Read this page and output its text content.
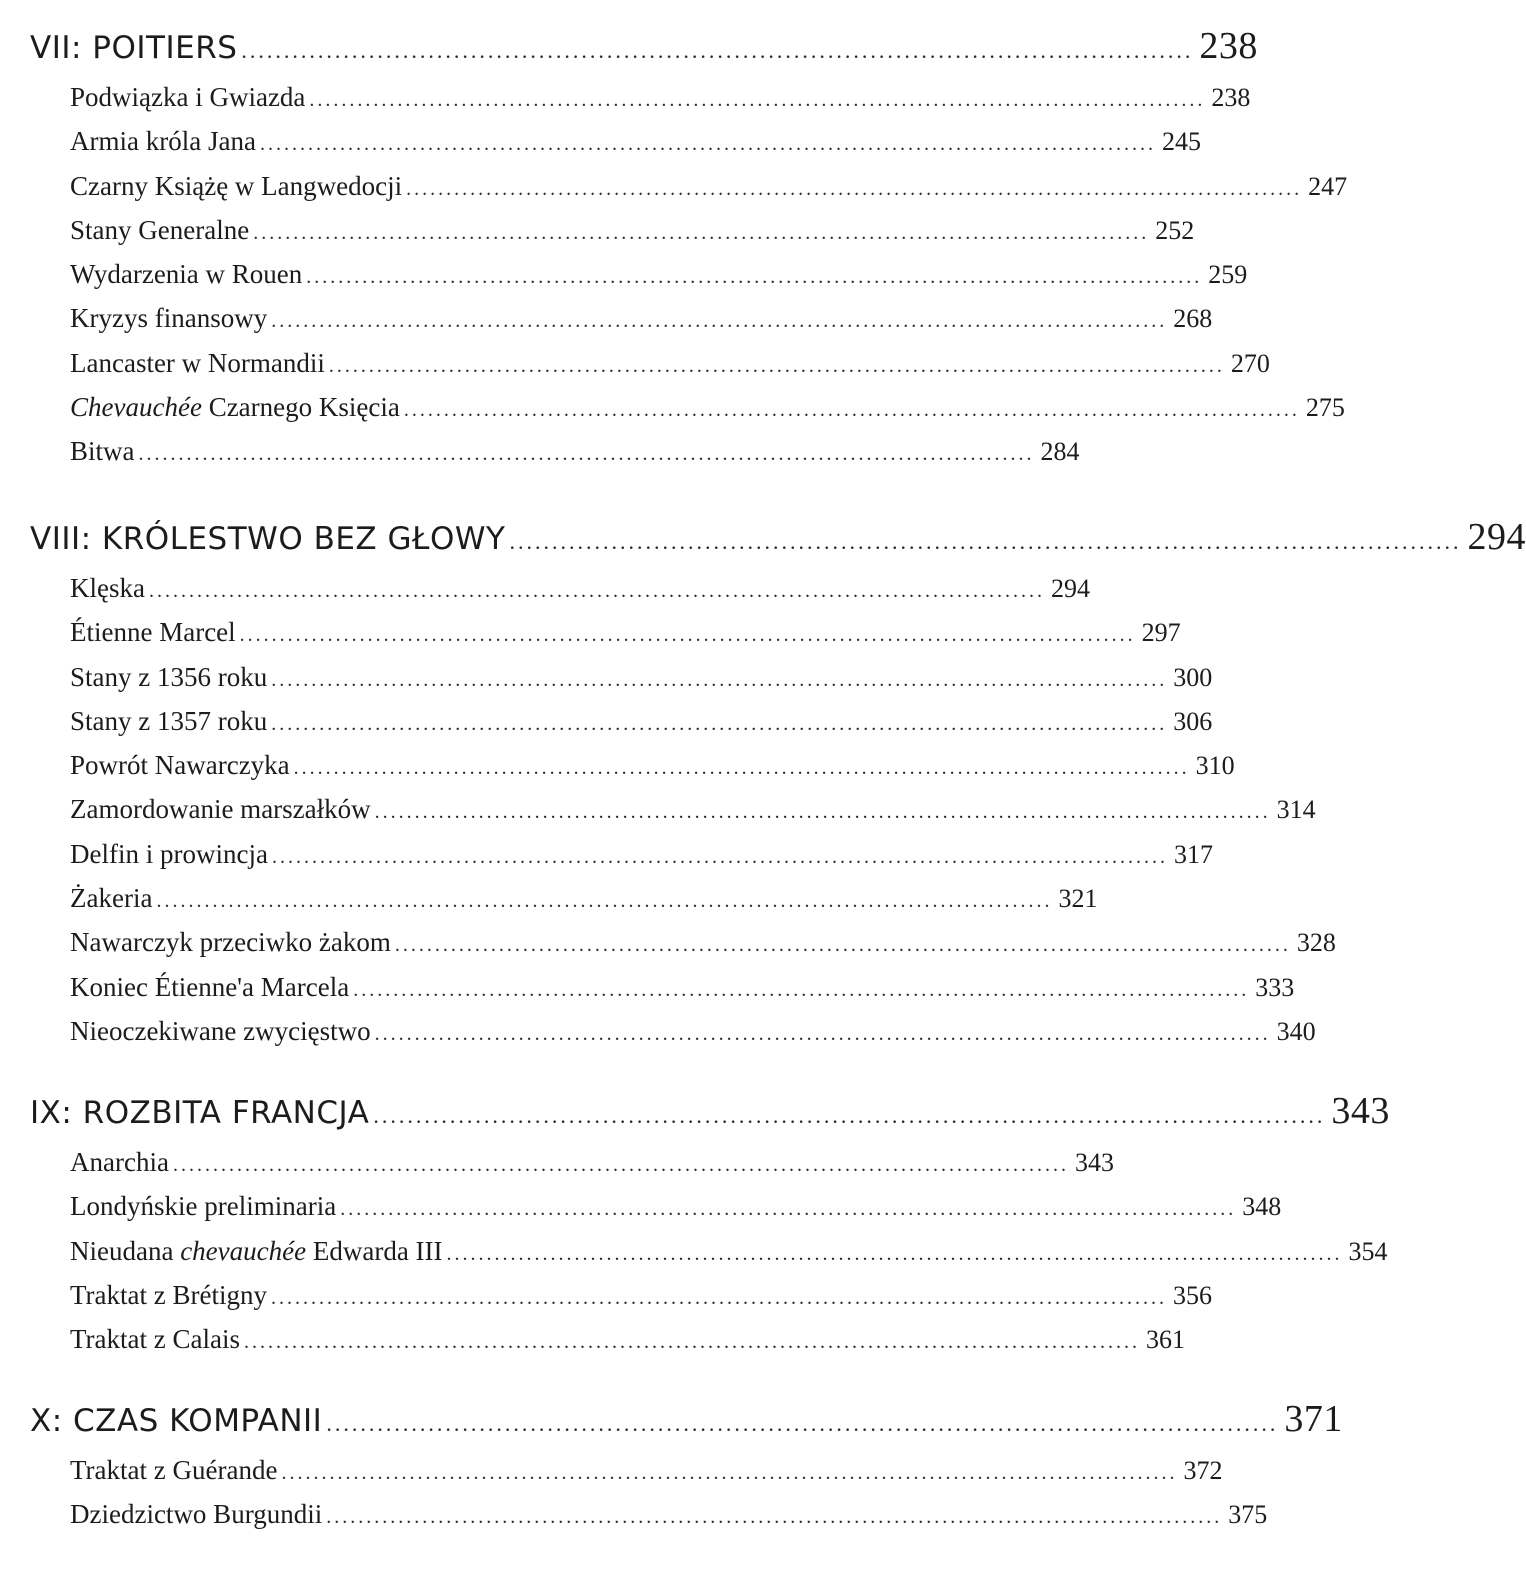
VII: POITIERS ................................................................................................................ 238
Podwiązka i Gwiazda ................................................................................................................ 238
Armia króla Jana ................................................................................................................ 245
Czarny Książę w Langwedocji ................................................................................................................ 247
Stany Generalne ................................................................................................................ 252
Wydarzenia w Rouen ................................................................................................................ 259
Kryzys finansowy ................................................................................................................ 268
Lancaster w Normandii ................................................................................................................ 270
Chevauchée Czarnego Księcia ................................................................................................................ 275
Bitwa ................................................................................................................ 284
VIII: KRÓLESTWO BEZ GŁOWY ................................................................................................................ 294
Klęska ................................................................................................................ 294
Étienne Marcel ................................................................................................................ 297
Stany z 1356 roku ................................................................................................................ 300
Stany z 1357 roku ................................................................................................................ 306
Powrót Nawarczyka ................................................................................................................ 310
Zamordowanie marszałków ................................................................................................................ 314
Delfin i prowincja ................................................................................................................ 317
Żakeria ................................................................................................................ 321
Nawarczyk przeciwko żakom ................................................................................................................ 328
Koniec Étienne'a Marcela ................................................................................................................ 333
Nieoczekiwane zwycięstwo ................................................................................................................ 340
IX: ROZBITA FRANCJA ................................................................................................................ 343
Anarchia ................................................................................................................ 343
Londyńskie preliminaria ................................................................................................................ 348
Nieudana chevauchée Edwarda III ................................................................................................................ 354
Traktat z Brétigny ................................................................................................................ 356
Traktat z Calais ................................................................................................................ 361
X: CZAS KOMPANII ................................................................................................................ 371
Traktat z Guérande ................................................................................................................ 372
Dziedzictwo Burgundii ................................................................................................................ 375
